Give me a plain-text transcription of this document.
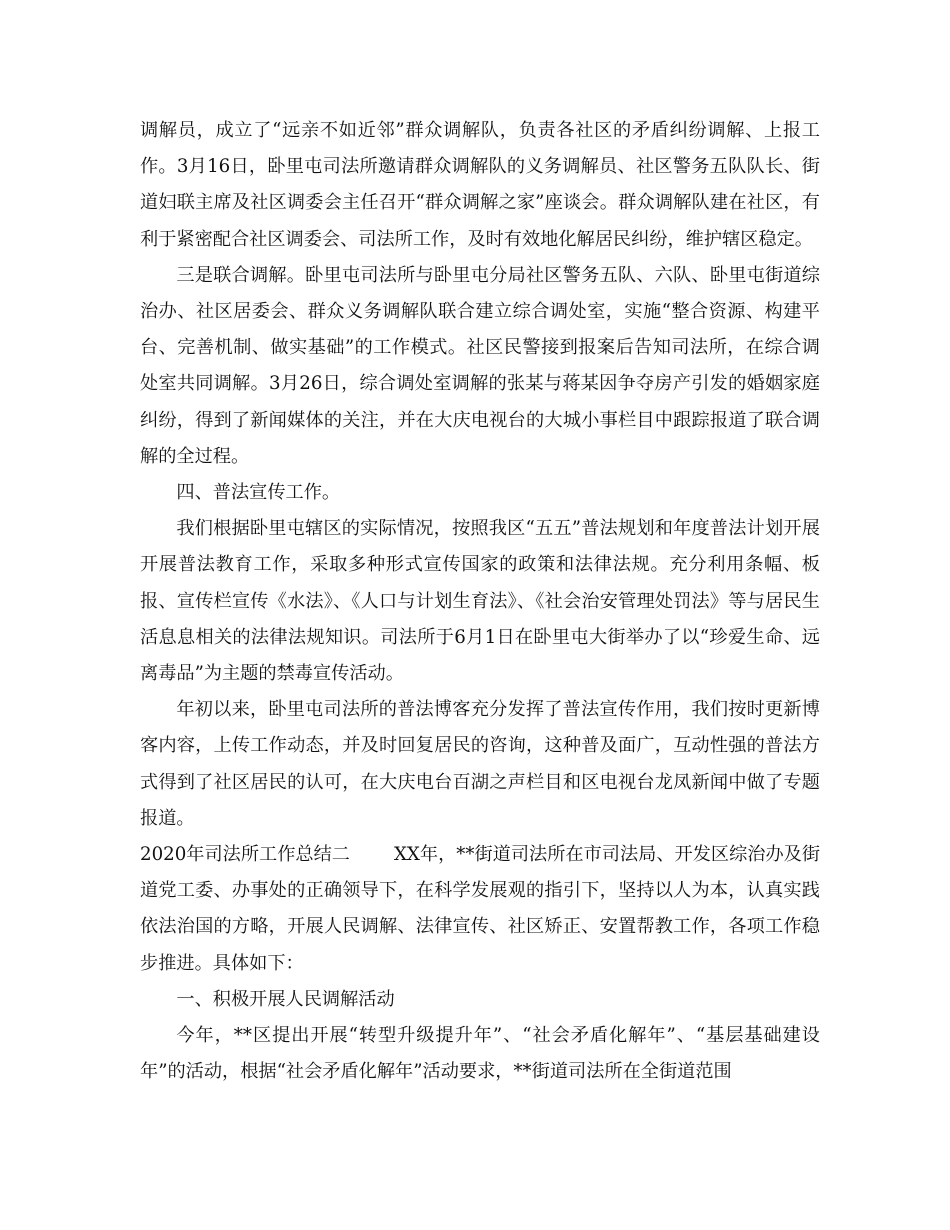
调解员，成立了“远亲不如近邻”群众调解队，负责各社区的矛盾纠纷调解、上报工作。3月16日，卧里屯司法所邀请群众调解队的义务调解员、社区警务五队队长、街道妇联主席及社区调委会主任召开“群众调解之家”座谈会。群众调解队建在社区，有利于紧密配合社区调委会、司法所工作，及时有效地化解居民纠纷，维护辖区稳定。

三是联合调解。卧里屯司法所与卧里屯分局社区警务五队、六队、卧里屯街道综治办、社区居委会、群众义务调解队联合建立综合调处室，实施“整合资源、构建平台、完善机制、做实基础”的工作模式。社区民警接到报案后告知司法所，在综合调处室共同调解。3月26日，综合调处室调解的张某与蒋某因争夺房产引发的婚姻家庭纠纷，得到了新闻媒体的关注，并在大庆电视台的大城小事栏目中跟踪报道了联合调解的全过程。

四、普法宣传工作。

我们根据卧里屯辖区的实际情况，按照我区“五五”普法规划和年度普法计划开展开展普法教育工作，采取多种形式宣传国家的政策和法律法规。充分利用条幅、板报、宣传栏宣传《水法》、《人口与计划生育法》、《社会治安管理处罚法》等与居民生活息息相关的法律法规知识。司法所于6月1日在卧里屯大街举办了以“珍爱生命、远离毒品”为主题的禁毒宣传活动。

年初以来，卧里屯司法所的普法博客充分发挥了普法宣传作用，我们按时更新博客内容，上传工作动态，并及时回复居民的咨询，这种普及面广，互动性强的普法方式得到了社区居民的认可，在大庆电台百湖之声栏目和区电视台龙凤新闻中做了专题报道。

2020年司法所工作总结二 XX年，**街道司法所在市司法局、开发区综治办及街道党工委、办事处的正确领导下，在科学发展观的指引下，坚持以人为本，认真实践依法治国的方略，开展人民调解、法律宣传、社区矫正、安置帮教工作，各项工作稳步推进。具体如下：

一、积极开展人民调解活动

今年，**区提出开展“转型升级提升年”、“社会矛盾化解年”、“基层基础建设年”的活动，根据“社会矛盾化解年”活动要求，**街道司法所在全街道范围
